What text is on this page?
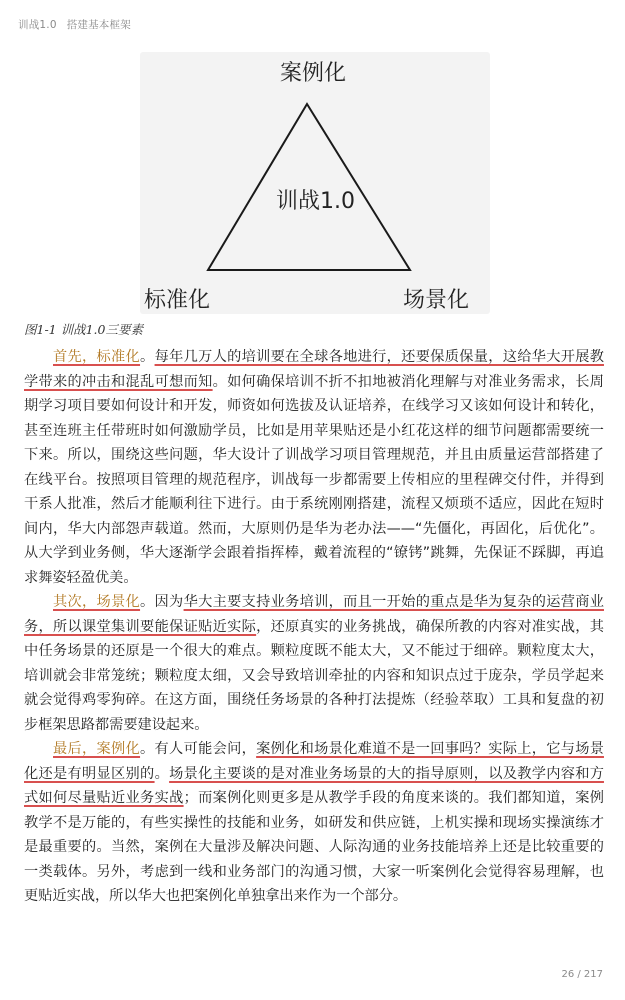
训战1.0 搭建基本框架
案例化
训战1.0
标准化	场景化
图1-1 训战1.0三要素

首先，标准化。每年几万人的培训要在全球各地进行，还要保质保量，这给华大开展教学带来的冲击和混乱可想而知。如何确保培训不折不扣地被消化理解与对准业务需求，长周期学习项目要如何设计和开发，师资如何选拔及认证培养，在线学习又该如何设计和转化，甚至连班主任带班时如何激励学员，比如是用苹果贴还是小红花这样的细节问题都需要统一下来。所以，围绕这些问题，华大设计了训战学习项目管理规范，并且由质量运营部搭建了在线平台。按照项目管理的规范程序，训战每一步都需要上传相应的里程碑交付件，并得到干系人批准，然后才能顺利往下进行。由于系统刚刚搭建，流程又烦琐不适应，因此在短时间内，华大内部怨声载道。然而，大原则仍是华为老办法——“先僵化，再固化，后优化”。从大学到业务侧，华大逐渐学会跟着指挥棒，戴着流程的“镣铐”跳舞，先保证不踩脚，再追求舞姿轻盈优美。

其次，场景化。因为华大主要支持业务培训，而且一开始的重点是华为复杂的运营商业务，所以课堂集训要能保证贴近实际，还原真实的业务挑战，确保所教的内容对准实战，其中任务场景的还原是一个很大的难点。颗粒度既不能太大，又不能过于细碎。颗粒度太大，培训就会非常笼统；颗粒度太细，又会导致培训牵扯的内容和知识点过于庞杂，学员学起来就会觉得鸡零狗碎。在这方面，围绕任务场景的各种打法提炼（经验萃取）工具和复盘的初步框架思路都需要建设起来。

最后，案例化。有人可能会问，案例化和场景化难道不是一回事吗？实际上，它与场景化还是有明显区别的。场景化主要谈的是对准业务场景的大的指导原则，以及教学内容和方式如何尽量贴近业务实战；而案例化则更多是从教学手段的角度来谈的。我们都知道，案例教学不是万能的，有些实操性的技能和业务，如研发和供应链，上机实操和现场实操演练才是最重要的。当然，案例在大量涉及解决问题、人际沟通的业务技能培养上还是比较重要的一类载体。另外，考虑到一线和业务部门的沟通习惯，大家一听案例化会觉得容易理解，也更贴近实战，所以华大也把案例化单独拿出来作为一个部分。

26 / 217
